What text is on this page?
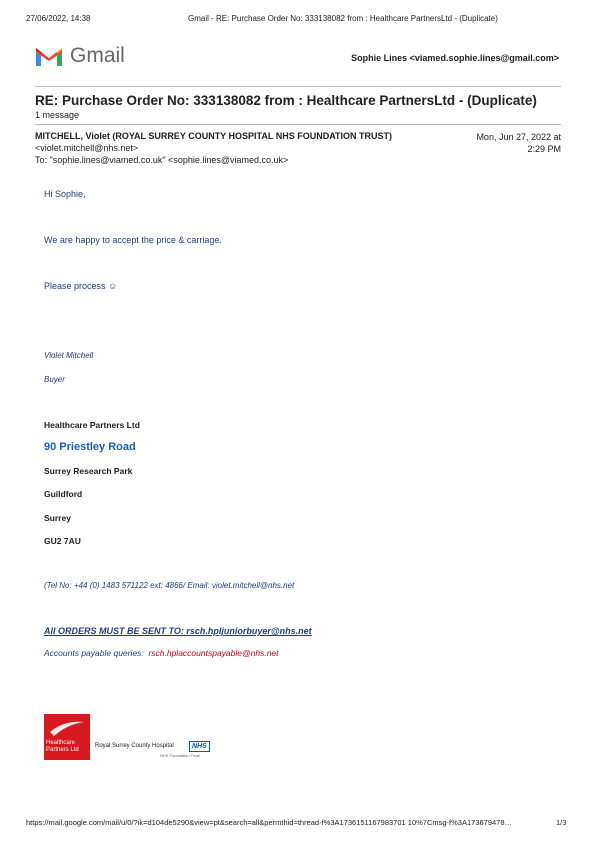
27/06/2022, 14:38	Gmail - RE: Purchase Order No: 333138082 from : Healthcare PartnersLtd - (Duplicate)
Gmail	Sophie Lines <viamed.sophie.lines@gmail.com>
RE: Purchase Order No: 333138082 from : Healthcare PartnersLtd - (Duplicate)
1 message
MITCHELL, Violet (ROYAL SURREY COUNTY HOSPITAL NHS FOUNDATION TRUST)
<violet.mitchell@nhs.net>
To: "sophie.lines@viamed.co.uk" <sophie.lines@viamed.co.uk>
Mon, Jun 27, 2022 at
2:29 PM
Hi Sophie,
We are happy to accept the price & carriage.
Please process ☺
Violet Mitchell
Buyer
Healthcare Partners Ltd
90 Priestley Road
Surrey Research Park
Guildford
Surrey
GU2 7AU
(Tel No: +44 (0) 1483 571122 ext: 4866/ Email: violet.mitchell@nhs.net
All ORDERS MUST BE SENT TO: rsch.hpljuniorbuyer@nhs.net
Accounts payable queries: rsch.hplaccountspayable@nhs.net
Healthcare
Partners Ltd
Royal Surrey County Hospital	NHS
NHS Foundation Trust
https://mail.google.com/mail/u/0/?ik=d104de5290&view=pt&search=all&permthid=thread-f%3A1736151167983701 10%7Cmsg-f%3A173679478…	1/3
